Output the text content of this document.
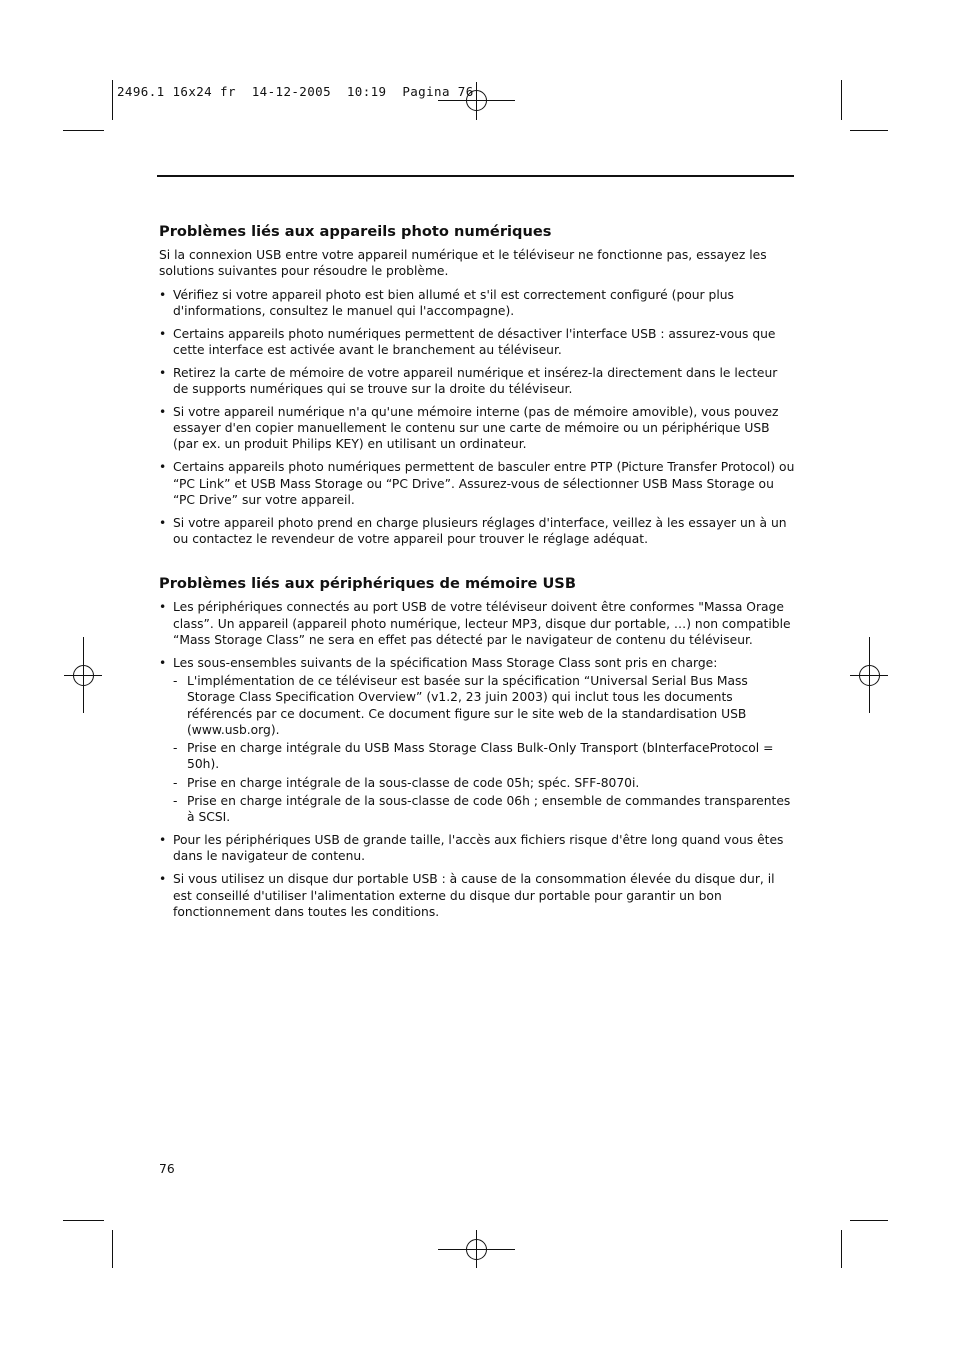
2496.1 16x24 fr  14-12-2005  10:19  Pagina 76
Problèmes liés aux appareils photo numériques

Si la connexion USB entre votre appareil numérique et le téléviseur ne fonctionne pas, essayez les solutions suivantes pour résoudre le problème.

• Vérifiez si votre appareil photo est bien allumé et s'il est correctement configuré (pour plus d'informations, consultez le manuel qui l'accompagne).
• Certains appareils photo numériques permettent de désactiver l'interface USB : assurez-vous que cette interface est activée avant le branchement au téléviseur.
• Retirez la carte de mémoire de votre appareil numérique et insérez-la directement dans le lecteur de supports numériques qui se trouve sur la droite du téléviseur.
• Si votre appareil numérique n'a qu'une mémoire interne (pas de mémoire amovible), vous pouvez essayer d'en copier manuellement le contenu sur une carte de mémoire ou un périphérique USB (par ex. un produit Philips KEY) en utilisant un ordinateur.
• Certains appareils photo numériques permettent de basculer entre PTP (Picture Transfer Protocol) ou “PC Link” et USB Mass Storage ou “PC Drive”. Assurez-vous de sélectionner USB Mass Storage ou “PC Drive” sur votre appareil.
• Si votre appareil photo prend en charge plusieurs réglages d'interface, veillez à les essayer un à un ou contactez le revendeur de votre appareil pour trouver le réglage adéquat.
Problèmes liés aux périphériques de mémoire USB
• Les périphériques connectés au port USB de votre téléviseur doivent être conformes "Massa Orage class”. Un appareil (appareil photo numérique, lecteur MP3, disque dur portable, …) non compatible “Mass Storage Class” ne sera en effet pas détecté par le navigateur de contenu du téléviseur.
• Les sous-ensembles suivants de la spécification Mass Storage Class sont pris en charge:
- L'implémentation de ce téléviseur est basée sur la spécification “Universal Serial Bus Mass Storage Class Specification Overview” (v1.2, 23 juin 2003) qui inclut tous les documents référencés par ce document. Ce document figure sur le site web de la standardisation USB (www.usb.org).
- Prise en charge intégrale du USB Mass Storage Class Bulk-Only Transport (bInterfaceProtocol = 50h).
- Prise en charge intégrale de la sous-classe de code 05h; spéc. SFF-8070i.
- Prise en charge intégrale de la sous-classe de code 06h ; ensemble de commandes transparentes à SCSI.
• Pour les périphériques USB de grande taille, l'accès aux fichiers risque d'être long quand vous êtes dans le navigateur de contenu.
• Si vous utilisez un disque dur portable USB : à cause de la consommation élevée du disque dur, il est conseillé d'utiliser l'alimentation externe du disque dur portable pour garantir un bon fonctionnement dans toutes les conditions.
76
